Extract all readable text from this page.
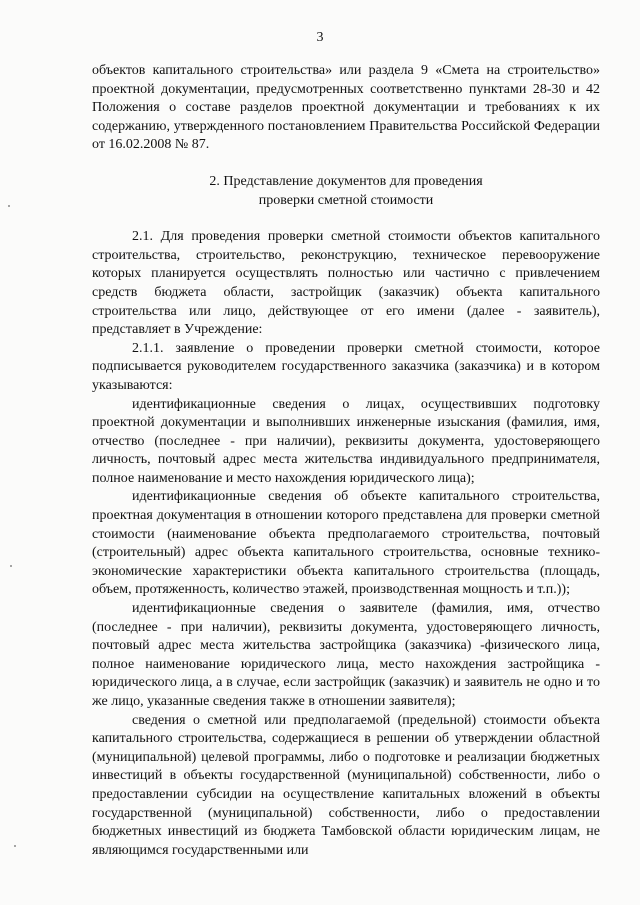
3

объектов капитального строительства» или раздела 9 «Смета на строительство» проектной документации, предусмотренных соответственно пунктами 28-30 и 42 Положения о составе разделов проектной документации и требованиях к их содержанию, утвержденного постановлением Правительства Российской Федерации от 16.02.2008 № 87.

2. Представление документов для проведения
проверки сметной стоимости

2.1. Для проведения проверки сметной стоимости объектов капитального строительства, строительство, реконструкцию, техническое перевооружение которых планируется осуществлять полностью или частично с привлечением средств бюджета области, застройщик (заказчик) объекта капитального строительства или лицо, действующее от его имени (далее - заявитель), представляет в Учреждение:

2.1.1. заявление о проведении проверки сметной стоимости, которое подписывается руководителем государственного заказчика (заказчика) и в котором указываются:

идентификационные сведения о лицах, осуществивших подготовку проектной документации и выполнивших инженерные изыскания (фамилия, имя, отчество (последнее - при наличии), реквизиты документа, удостоверяющего личность, почтовый адрес места жительства индивидуального предпринимателя, полное наименование и место нахождения юридического лица);

идентификационные сведения об объекте капитального строительства, проектная документация в отношении которого представлена для проверки сметной стоимости (наименование объекта предполагаемого строительства, почтовый (строительный) адрес объекта капитального строительства, основные технико-экономические характеристики объекта капитального строительства (площадь, объем, протяженность, количество этажей, производственная мощность и т.п.));

идентификационные сведения о заявителе (фамилия, имя, отчество (последнее - при наличии), реквизиты документа, удостоверяющего личность, почтовый адрес места жительства застройщика (заказчика) -физического лица, полное наименование юридического лица, место нахождения застройщика - юридического лица, а в случае, если застройщик (заказчик) и заявитель не одно и то же лицо, указанные сведения также в отношении заявителя);

сведения о сметной или предполагаемой (предельной) стоимости объекта капитального строительства, содержащиеся в решении об утверждении областной (муниципальной) целевой программы, либо о подготовке и реализации бюджетных инвестиций в объекты государственной (муниципальной) собственности, либо о предоставлении субсидии на осуществление капитальных вложений в объекты государственной (муниципальной) собственности, либо о предоставлении бюджетных инвестиций из бюджета Тамбовской области юридическим лицам, не являющимся государственными или
